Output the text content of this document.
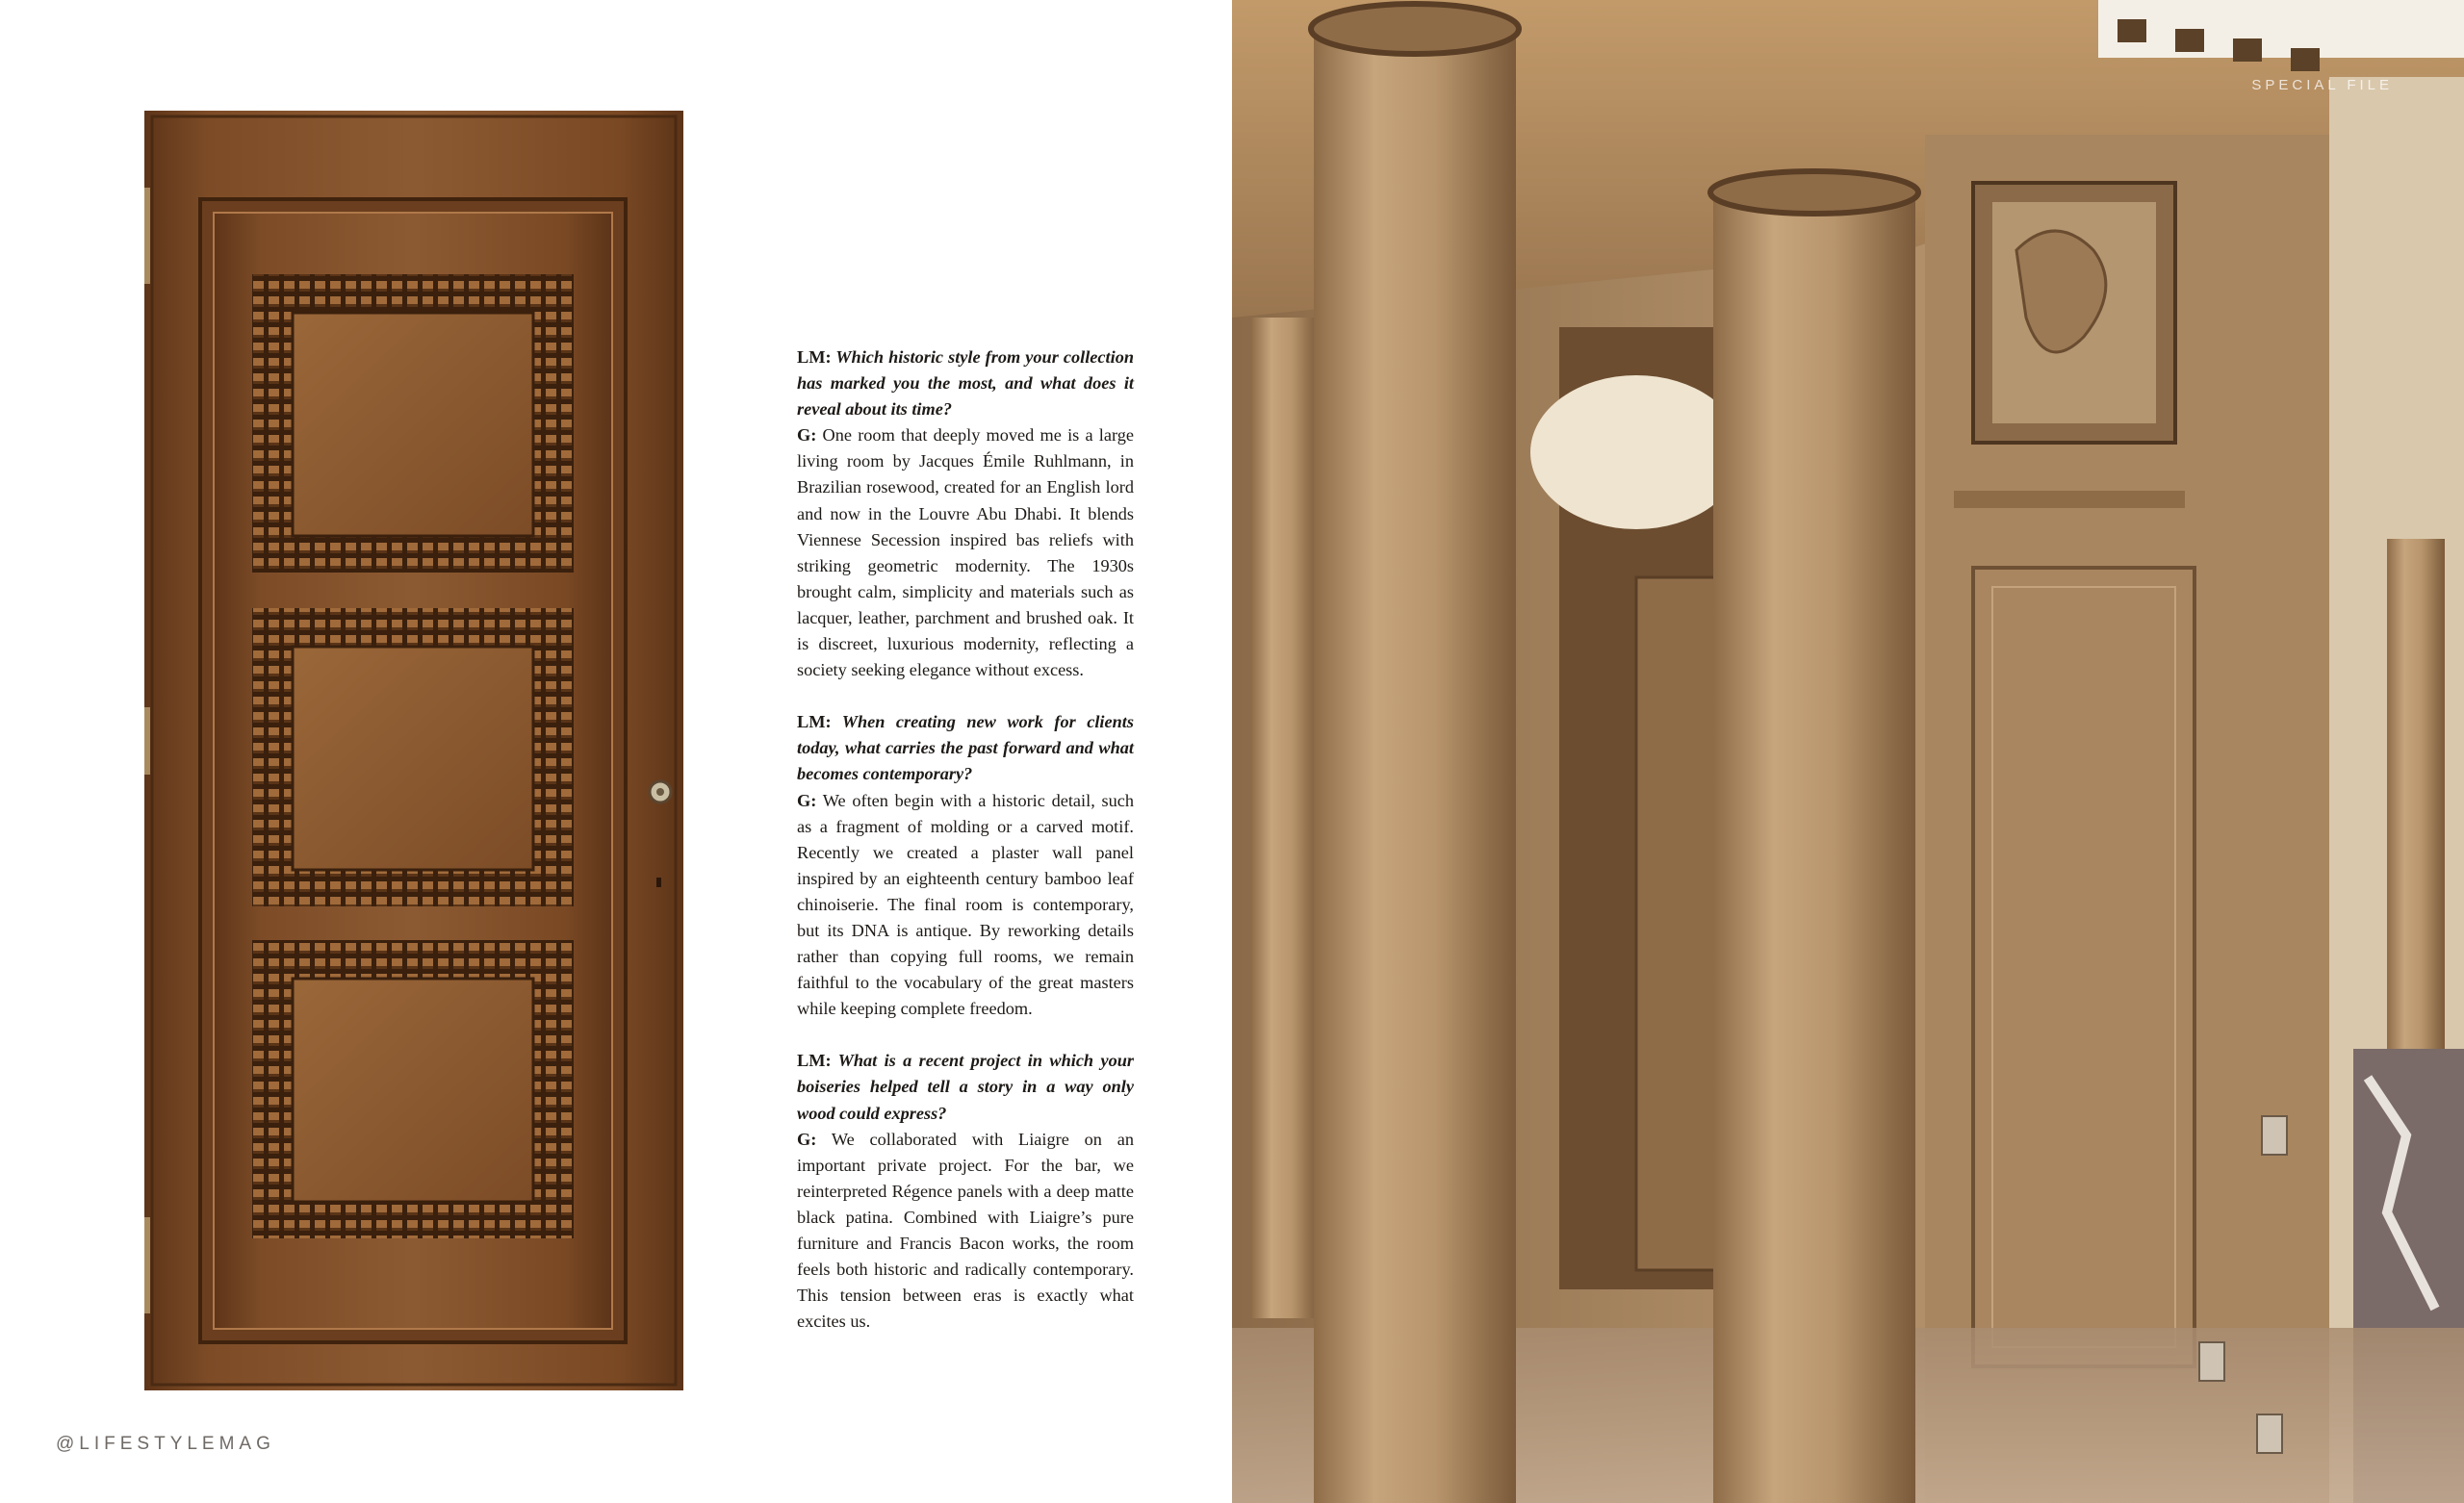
LM: Which historic style from your collection has marked you the most, and what does it reveal about its time?
G: One room that deeply moved me is a large living room by Jacques Émile Ruhlmann, in Brazilian rosewood, created for an English lord and now in the Louvre Abu Dhabi. It blends Viennese Secession inspired bas reliefs with striking geometric modernity. The 1930s brought calm, simplicity and materials such as lacquer, leather, parchment and brushed oak. It is discreet, luxurious modernity, reflecting a society seeking elegance without excess.

LM: When creating new work for clients today, what carries the past forward and what becomes contemporary?
G: We often begin with a historic detail, such as a fragment of molding or a carved motif. Recently we created a plaster wall panel inspired by an eighteenth century bamboo leaf chinoiserie. The final room is contemporary, but its DNA is antique. By reworking details rather than copying full rooms, we remain faithful to the vocabulary of the great masters while keeping complete freedom.

LM: What is a recent project in which your boiseries helped tell a story in a way only wood could express?
G: We collaborated with Liaigre on an important private project. For the bar, we reinterpreted Régence panels with a deep matte black patina. Combined with Liaigre’s pure furniture and Francis Bacon works, the room feels both historic and radically contemporary. This tension between eras is exactly what excites us.

@LIFESTYLEMAG
SPECIAL FILE
